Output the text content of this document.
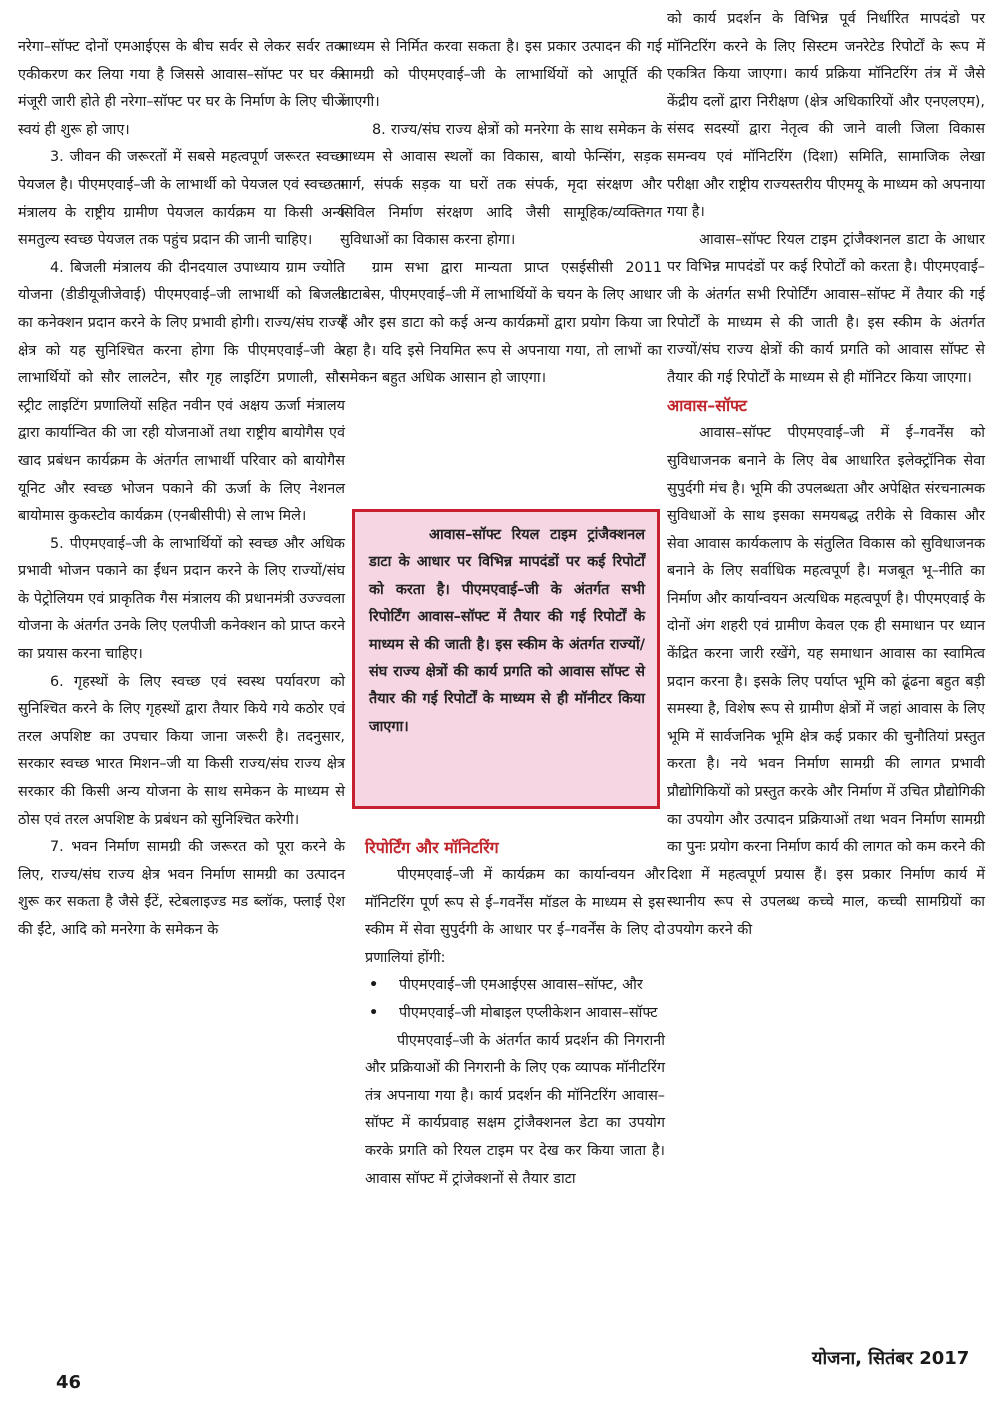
नरेगा–सॉफ्ट दोनों एमआईएस के बीच सर्वर से लेकर सर्वर तक एकीकरण कर लिया गया है जिससे आवास–सॉफ्ट पर घर की मंजूरी जारी होते ही नरेगा–सॉफ्ट पर घर के निर्माण के लिए चीजें स्वयं ही शुरू हो जाए।

3. जीवन की जरूरतों में सबसे महत्वपूर्ण जरूरत स्वच्छ पेयजल है। पीएमएवाई–जी के लाभार्थी को पेयजल एवं स्वच्छता मंत्रालय के राष्ट्रीय ग्रामीण पेयजल कार्यक्रम या किसी अन्य समतुल्य स्वच्छ पेयजल तक पहुंच प्रदान की जानी चाहिए।

4. बिजली मंत्रालय की दीनदयाल उपाध्याय ग्राम ज्योति योजना (डीडीयूजीजेवाई) पीएमएवाई–जी लाभार्थी को बिजली का कनेक्शन प्रदान करने के लिए प्रभावी होगी। राज्य/संघ राज्य क्षेत्र को यह सुनिश्चित करना होगा कि पीएमएवाई–जी के लाभार्थियों को सौर लालटेन, सौर गृह लाइटिंग प्रणाली, सौर स्ट्रीट लाइटिंग प्रणालियों सहित नवीन एवं अक्षय ऊर्जा मंत्रालय द्वारा कार्यान्वित की जा रही योजनाओं तथा राष्ट्रीय बायोगैस एवं खाद प्रबंधन कार्यक्रम के अंतर्गत लाभार्थी परिवार को बायोगैस यूनिट और स्वच्छ भोजन पकाने की ऊर्जा के लिए नेशनल बायोमास कुकस्टोव कार्यक्रम (एनबीसीपी) से लाभ मिले।

5. पीएमएवाई–जी के लाभार्थियों को स्वच्छ और अधिक प्रभावी भोजन पकाने का ईंधन प्रदान करने के लिए राज्यों/संघ के पेट्रोलियम एवं प्राकृतिक गैस मंत्रालय की प्रधानमंत्री उज्ज्वला योजना के अंतर्गत उनके लिए एलपीजी कनेक्शन को प्राप्त करने का प्रयास करना चाहिए।

6. गृहस्थों के लिए स्वच्छ एवं स्वस्थ पर्यावरण को सुनिश्चित करने के लिए गृहस्थों द्वारा तैयार किये गये कठोर एवं तरल अपशिष्ट का उपचार किया जाना जरूरी है। तदनुसार, सरकार स्वच्छ भारत मिशन–जी या किसी राज्य/संघ राज्य क्षेत्र सरकार की किसी अन्य योजना के साथ समेकन के माध्यम से ठोस एवं तरल अपशिष्ट के प्रबंधन को सुनिश्चित करेगी।

7. भवन निर्माण सामग्री की जरूरत को पूरा करने के लिए, राज्य/संघ राज्य क्षेत्र भवन निर्माण सामग्री का उत्पादन शुरू कर सकता है जैसे ईंटें, स्टेबलाइज्ड मड ब्लॉक, फ्लाई ऐश की ईंटे, आदि को मनरेगा के समेकन के

माध्यम से निर्मित करवा सकता है। इस प्रकार उत्पादन की गई सामग्री को पीएमएवाई–जी के लाभार्थियों को आपूर्ति की जाएगी।

8. राज्य/संघ राज्य क्षेत्रों को मनरेगा के साथ समेकन के माध्यम से आवास स्थलों का विकास, बायो फेन्सिंग, सड़क मार्ग, संपर्क सड़क या घरों तक संपर्क, मृदा संरक्षण और सिविल निर्माण संरक्षण आदि जैसी सामूहिक/व्यक्तिगत सुविधाओं का विकास करना होगा।

ग्राम सभा द्वारा मान्यता प्राप्त एसईसीसी 2011 डाटाबेस, पीएमएवाई–जी में लाभार्थियों के चयन के लिए आधार हैं और इस डाटा को कई अन्य कार्यक्रमों द्वारा प्रयोग किया जा रहा है। यदि इसे नियमित रूप से अपनाया गया, तो लाभों का समेकन बहुत अधिक आसान हो जाएगा।

आवास–सॉफ्ट रियल टाइम ट्रांजैक्शनल डाटा के आधार पर विभिन्न मापदंडों पर कई रिपोर्टों को करता है। पीएमएवाई–जी के अंतर्गत सभी रिपोर्टिंग आवास–सॉफ्ट में तैयार की गई रिपोर्टों के माध्यम से की जाती है। इस स्कीम के अंतर्गत राज्यों/संघ राज्य क्षेत्रों की कार्य प्रगति को आवास सॉफ्ट से तैयार की गई रिपोर्टों के माध्यम से ही मॉनीटर किया जाएगा।

रिपोर्टिंग और मॉनिटरिंग

पीएमएवाई–जी में कार्यक्रम का कार्यान्वयन और मॉनिटरिंग पूर्ण रूप से ई–गवर्नेंस मॉडल के माध्यम से इस स्कीम में सेवा सुपुर्दगी के आधार पर ई–गवर्नेंस के लिए दो प्रणालियां होंगी:

• पीएमएवाई–जी एमआईएस आवास–सॉफ्ट, और
• पीएमएवाई–जी मोबाइल एप्लीकेशन आवास–सॉफ्ट

पीएमएवाई–जी के अंतर्गत कार्य प्रदर्शन की निगरानी और प्रक्रियाओं की निगरानी के लिए एक व्यापक मॉनीटरिंग तंत्र अपनाया गया है। कार्य प्रदर्शन की मॉनिटरिंग आवास–सॉफ्ट में कार्यप्रवाह सक्षम ट्रांजैक्शनल डेटा का उपयोग करके प्रगति को रियल टाइम पर देख कर किया जाता है। आवास सॉफ्ट में ट्रांजेक्शनों से तैयार डाटा

को कार्य प्रदर्शन के विभिन्न पूर्व निर्धारित मापदंडो पर मॉनिटरिंग करने के लिए सिस्टम जनरेटेड रिपोर्टों के रूप में एकत्रित किया जाएगा। कार्य प्रक्रिया मॉनिटरिंग तंत्र में जैसे केंद्रीय दलों द्वारा निरीक्षण (क्षेत्र अधिकारियों और एनएलएम), संसद सदस्यों द्वारा नेतृत्व की जाने वाली जिला विकास समन्वय एवं मॉनिटरिंग (दिशा) समिति, सामाजिक लेखा परीक्षा और राष्ट्रीय राज्यस्तरीय पीएमयू के माध्यम को अपनाया गया है।

आवास–सॉफ्ट रियल टाइम ट्रांजैक्शनल डाटा के आधार पर विभिन्न मापदंडों पर कई रिपोर्टों को करता है। पीएमएवाई–जी के अंतर्गत सभी रिपोर्टिंग आवास–सॉफ्ट में तैयार की गई रिपोर्टों के माध्यम से की जाती है। इस स्कीम के अंतर्गत राज्यों/संघ राज्य क्षेत्रों की कार्य प्रगति को आवास सॉफ्ट से तैयार की गई रिपोर्टों के माध्यम से ही मॉनिटर किया जाएगा।

आवास–सॉफ्ट

आवास–सॉफ्ट पीएमएवाई–जी में ई–गवर्नेंस को सुविधाजनक बनाने के लिए वेब आधारित इलेक्ट्रॉनिक सेवा सुपुर्दगी मंच है। भूमि की उपलब्धता और अपेक्षित संरचनात्मक सुविधाओं के साथ इसका समयबद्ध तरीके से विकास और सेवा आवास कार्यकलाप के संतुलित विकास को सुविधाजनक बनाने के लिए सर्वाधिक महत्वपूर्ण है। मजबूत भू–नीति का निर्माण और कार्यान्वयन अत्यधिक महत्वपूर्ण है। पीएमएवाई के दोनों अंग शहरी एवं ग्रामीण केवल एक ही समाधान पर ध्यान केंद्रित करना जारी रखेंगे, यह समाधान आवास का स्वामित्व प्रदान करना है। इसके लिए पर्याप्त भूमि को ढूंढना बहुत बड़ी समस्या है, विशेष रूप से ग्रामीण क्षेत्रों में जहां आवास के लिए भूमि में सार्वजनिक भूमि क्षेत्र कई प्रकार की चुनौतियां प्रस्तुत करता है। नये भवन निर्माण सामग्री की लागत प्रभावी प्रौद्योगिकियों को प्रस्तुत करके और निर्माण में उचित प्रौद्योगिकी का उपयोग और उत्पादन प्रक्रियाओं तथा भवन निर्माण सामग्री का पुनः प्रयोग करना निर्माण कार्य की लागत को कम करने की दिशा में महत्वपूर्ण प्रयास हैं। इस प्रकार निर्माण कार्य में स्थानीय रूप से उपलब्ध कच्चे माल, कच्ची सामग्रियों का उपयोग करने की

46
योजना, सितंबर 2017
